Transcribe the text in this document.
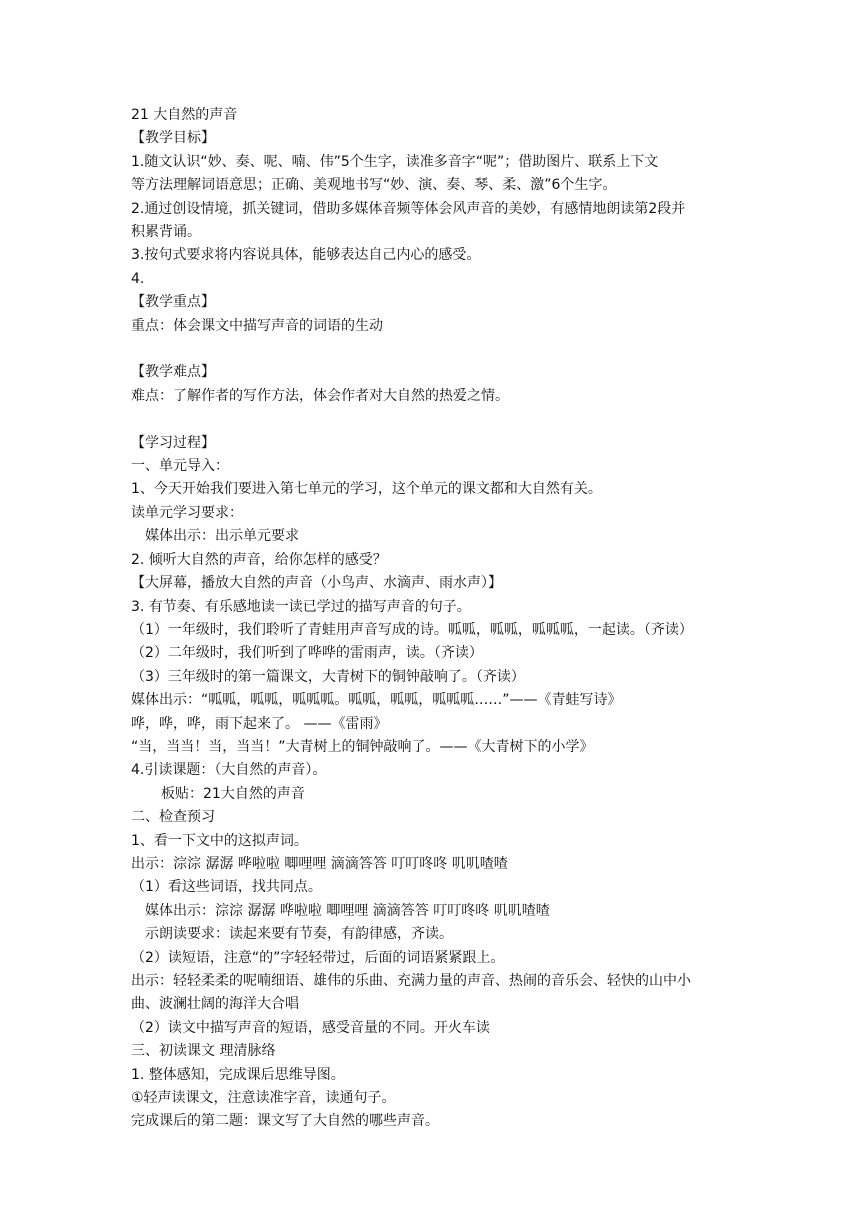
21 大自然的声音
【教学目标】
1.随文认识“妙、奏、呢、喃、伟”5个生字，读准多音字“呢”；借助图片、联系上下文
等方法理解词语意思；正确、美观地书写“妙、演、奏、琴、柔、激”6个生字。
2.通过创设情境，抓关键词，借助多媒体音频等体会风声音的美妙，有感情地朗读第2段并
积累背诵。
3.按句式要求将内容说具体，能够表达自己内心的感受。
4.
【教学重点】
重点：体会课文中描写声音的词语的生动
【教学难点】
难点：了解作者的写作方法，体会作者对大自然的热爱之情。
【学习过程】
一、单元导入：
1、今天开始我们要进入第七单元的学习，这个单元的课文都和大自然有关。
读单元学习要求：
媒体出示：出示单元要求
2. 倾听大自然的声音，给你怎样的感受？
【大屏幕，播放大自然的声音（小鸟声、水滴声、雨水声）】
3. 有节奏、有乐感地读一读已学过的描写声音的句子。
（1）一年级时，我们聆听了青蛙用声音写成的诗。呱呱，呱呱，呱呱呱，一起读。（齐读）
（2）二年级时，我们听到了哗哗的雷雨声，读。（齐读）
（3）三年级时的第一篇课文，大青树下的铜钟敲响了。（齐读）
媒体出示：“呱呱，呱呱，呱呱呱。呱呱，呱呱，呱呱呱……”——《青蛙写诗》
哗，哗，哗，雨下起来了。 ——《雷雨》
“当，当当！当，当当！”大青树上的铜钟敲响了。——《大青树下的小学》
4.引读课题：（大自然的声音）。
板贴：21大自然的声音
二、检查预习
1、看一下文中的这拟声词。
出示：淙淙 潺潺 哗啦啦 唧哩哩 滴滴答答 叮叮咚咚 叽叽喳喳
（1）看这些词语，找共同点。
媒体出示：淙淙 潺潺 哗啦啦 唧哩哩 滴滴答答 叮叮咚咚 叽叽喳喳
示朗读要求：读起来要有节奏，有韵律感，齐读。
（2）读短语，注意“的”字轻轻带过，后面的词语紧紧跟上。
出示：轻轻柔柔的呢喃细语、雄伟的乐曲、充满力量的声音、热闹的音乐会、轻快的山中小
曲、波澜壮阔的海洋大合唱
（2）读文中描写声音的短语，感受音量的不同。开火车读
三、初读课文 理清脉络
1. 整体感知，完成课后思维导图。
①轻声读课文，注意读准字音，读通句子。
完成课后的第二题：课文写了大自然的哪些声音。
